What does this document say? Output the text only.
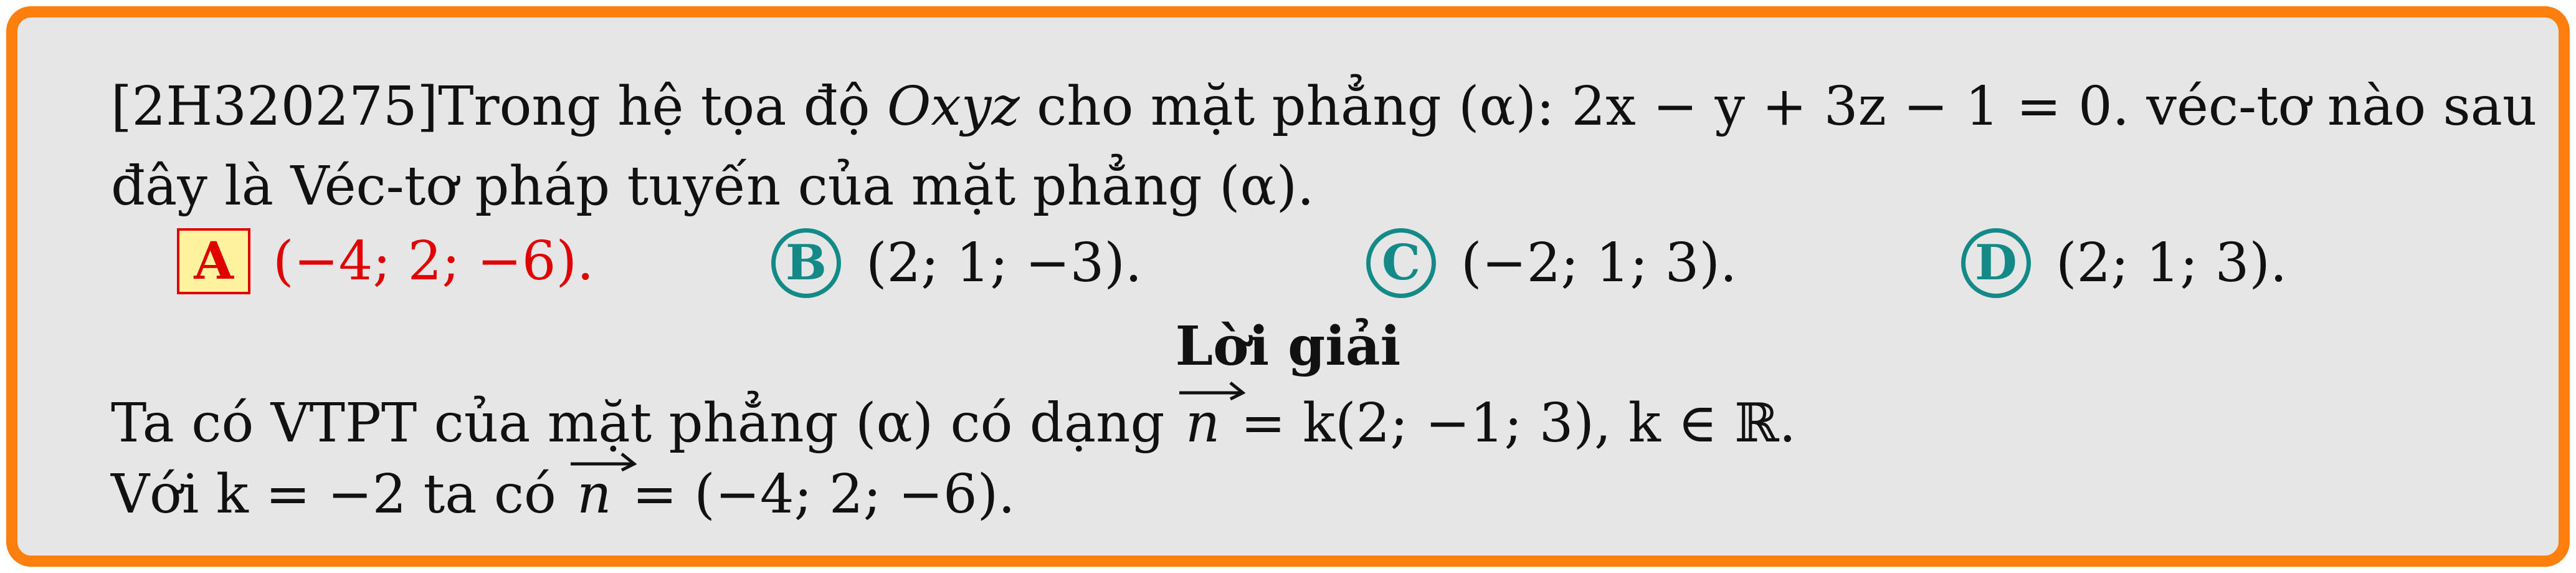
[2H320275]Trong hệ tọa độ Oxyz cho mặt phẳng (α): 2x − y + 3z − 1 = 0. véc-tơ nào sau
đây là Véc-tơ pháp tuyến của mặt phẳng (α).
A (−4; 2; −6).	B (2; 1; −3).	C (−2; 1; 3).	D (2; 1; 3).
Lời giải
Ta có VTPT của mặt phẳng (α) có dạng
n = k(2; −1; 3), k ∈ ℝ.
Với k = −2 ta có
n = (−4; 2; −6).
